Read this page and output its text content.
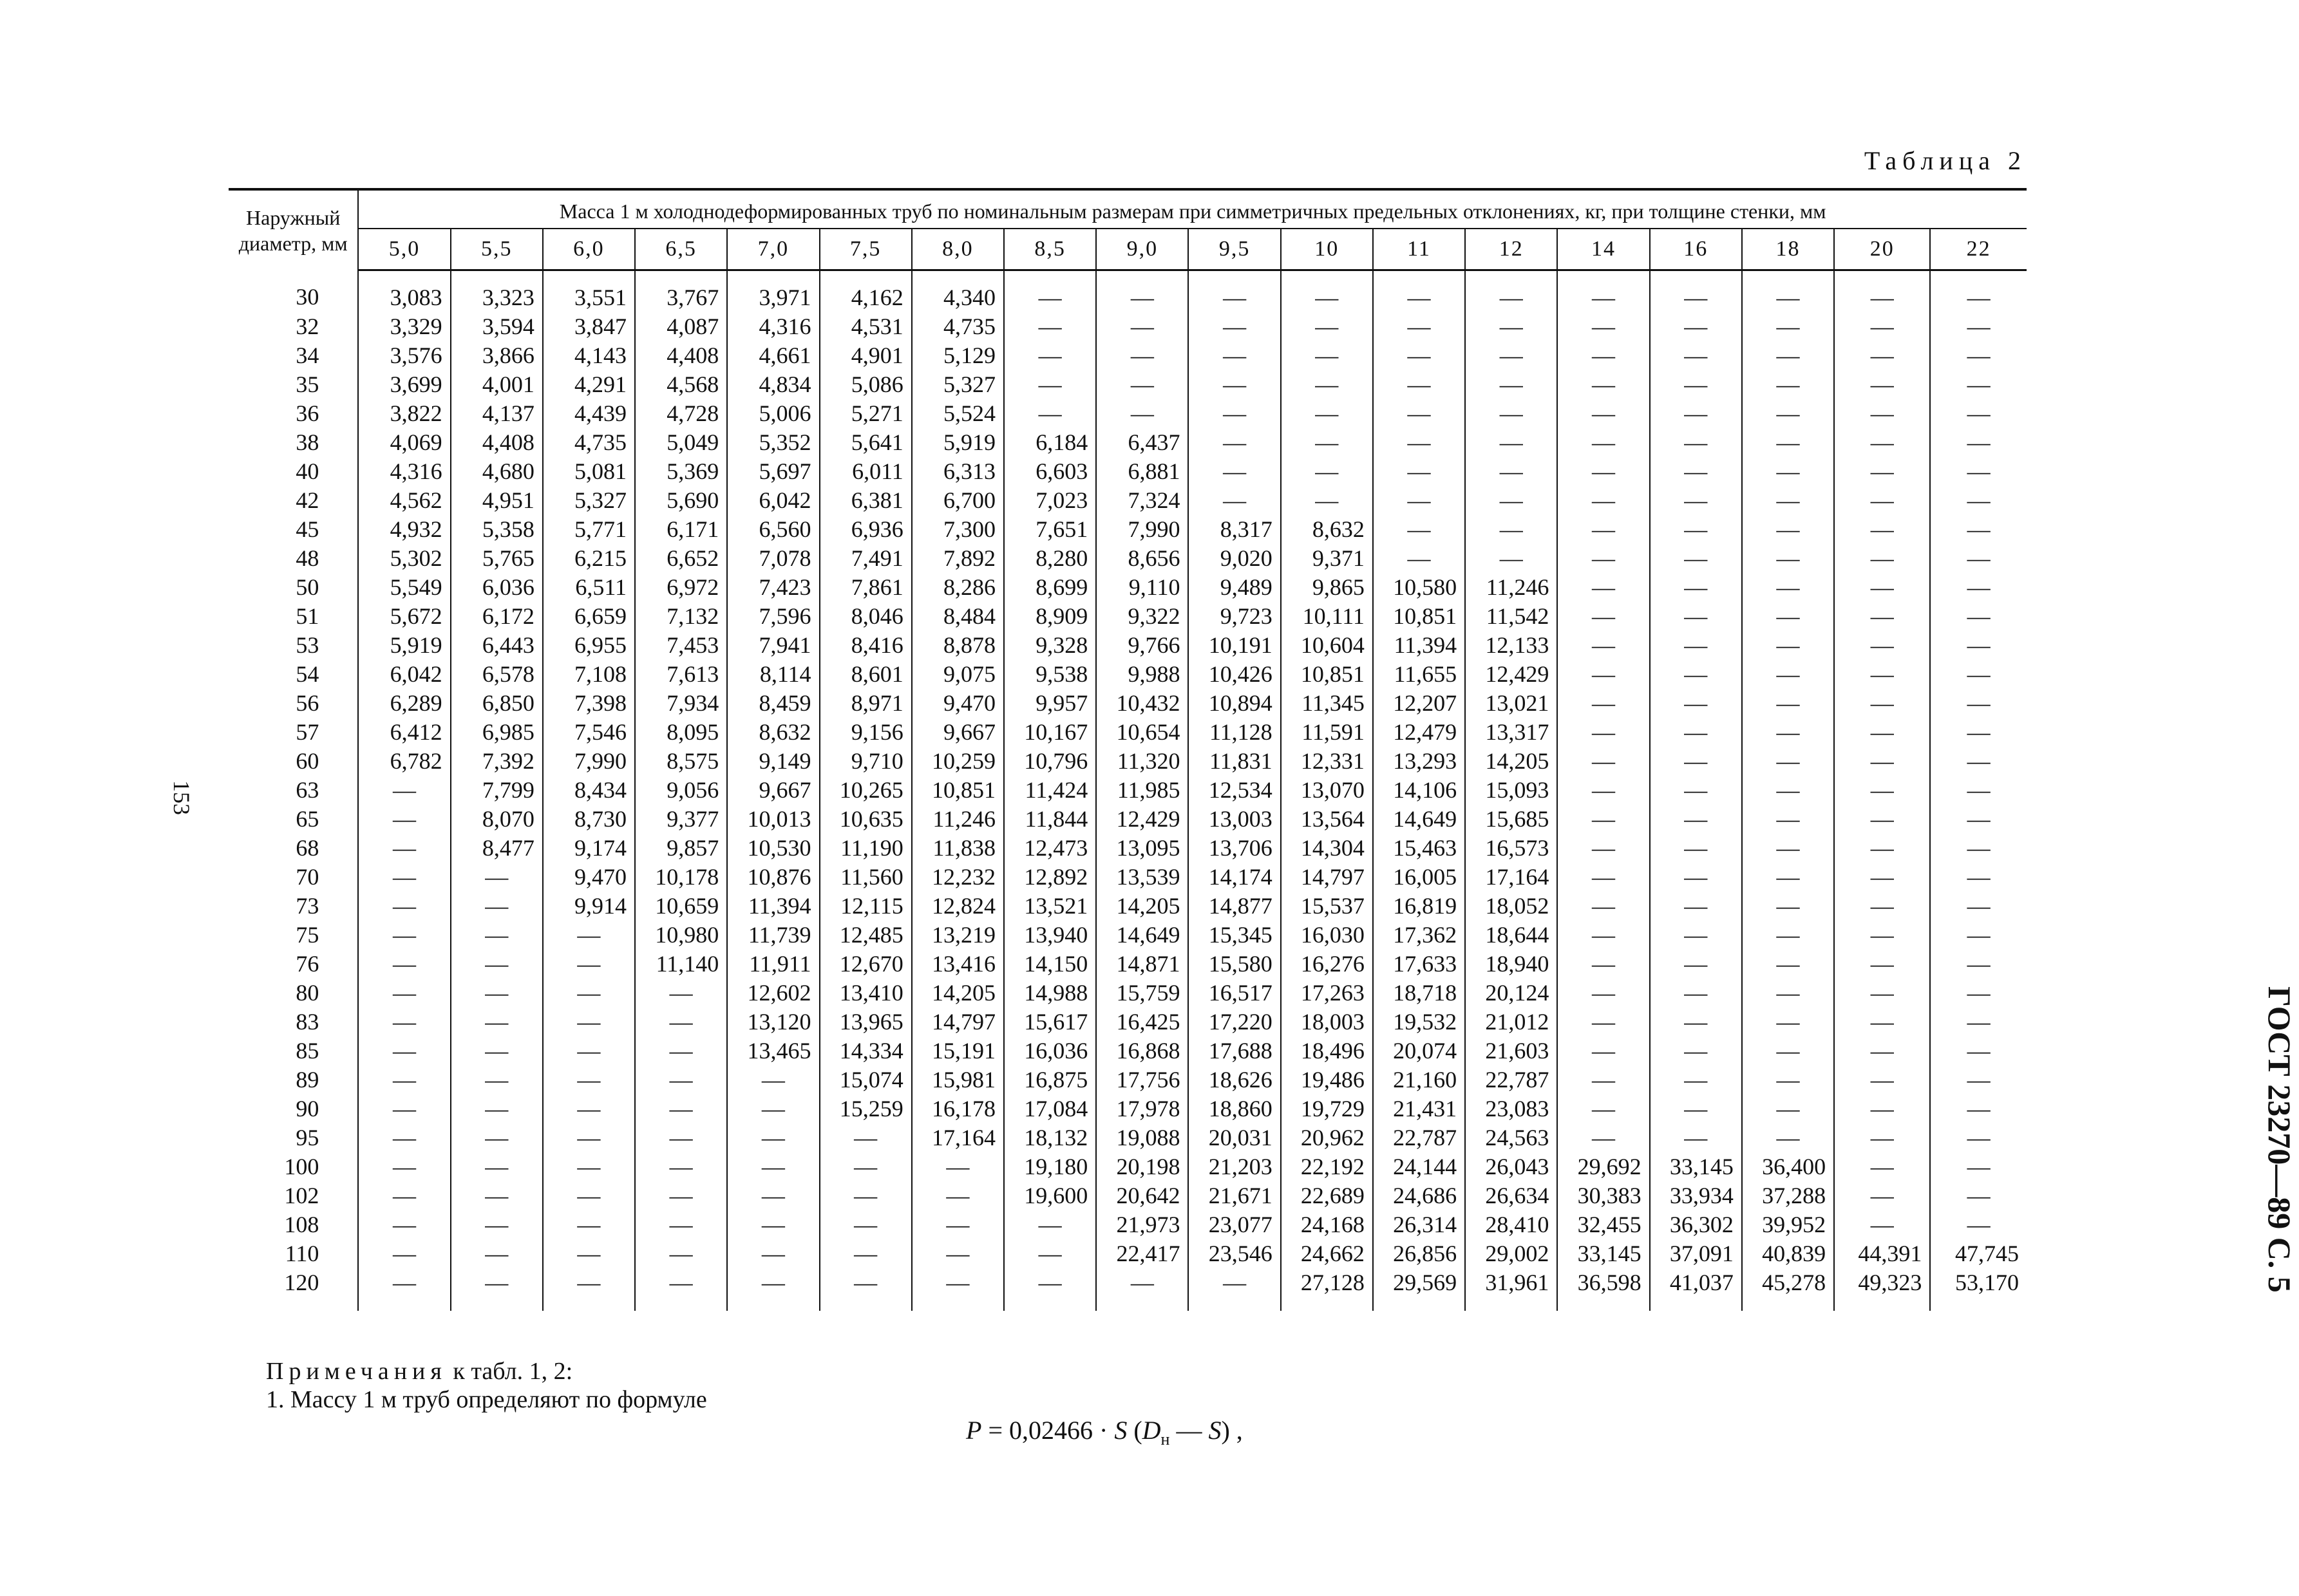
Таблица 2
153
ГОСТ 23270—89 С. 5
Наружный диаметр, мм	Масса 1 м холоднодеформированных труб по номинальным размерам при симметричных предельных отклонениях, кг, при толщине стенки, мм																	
	5,0	5,5	6,0	6,5	7,0	7,5	8,0	8,5	9,0	9,5	10	11	12	14	16	18	20	22
30	3,083	3,323	3,551	3,767	3,971	4,162	4,340	—	—	—	—	—	—	—	—	—	—	—
32	3,329	3,594	3,847	4,087	4,316	4,531	4,735	—	—	—	—	—	—	—	—	—	—	—
34	3,576	3,866	4,143	4,408	4,661	4,901	5,129	—	—	—	—	—	—	—	—	—	—	—
35	3,699	4,001	4,291	4,568	4,834	5,086	5,327	—	—	—	—	—	—	—	—	—	—	—
36	3,822	4,137	4,439	4,728	5,006	5,271	5,524	—	—	—	—	—	—	—	—	—	—	—
38	4,069	4,408	4,735	5,049	5,352	5,641	5,919	6,184	6,437	—	—	—	—	—	—	—	—	—
40	4,316	4,680	5,081	5,369	5,697	6,011	6,313	6,603	6,881	—	—	—	—	—	—	—	—	—
42	4,562	4,951	5,327	5,690	6,042	6,381	6,700	7,023	7,324	—	—	—	—	—	—	—	—	—
45	4,932	5,358	5,771	6,171	6,560	6,936	7,300	7,651	7,990	8,317	8,632	—	—	—	—	—	—	—
48	5,302	5,765	6,215	6,652	7,078	7,491	7,892	8,280	8,656	9,020	9,371	—	—	—	—	—	—	—
50	5,549	6,036	6,511	6,972	7,423	7,861	8,286	8,699	9,110	9,489	9,865	10,580	11,246	—	—	—	—	—
51	5,672	6,172	6,659	7,132	7,596	8,046	8,484	8,909	9,322	9,723	10,111	10,851	11,542	—	—	—	—	—
53	5,919	6,443	6,955	7,453	7,941	8,416	8,878	9,328	9,766	10,191	10,604	11,394	12,133	—	—	—	—	—
54	6,042	6,578	7,108	7,613	8,114	8,601	9,075	9,538	9,988	10,426	10,851	11,655	12,429	—	—	—	—	—
56	6,289	6,850	7,398	7,934	8,459	8,971	9,470	9,957	10,432	10,894	11,345	12,207	13,021	—	—	—	—	—
57	6,412	6,985	7,546	8,095	8,632	9,156	9,667	10,167	10,654	11,128	11,591	12,479	13,317	—	—	—	—	—
60	6,782	7,392	7,990	8,575	9,149	9,710	10,259	10,796	11,320	11,831	12,331	13,293	14,205	—	—	—	—	—
63	—	7,799	8,434	9,056	9,667	10,265	10,851	11,424	11,985	12,534	13,070	14,106	15,093	—	—	—	—	—
65	—	8,070	8,730	9,377	10,013	10,635	11,246	11,844	12,429	13,003	13,564	14,649	15,685	—	—	—	—	—
68	—	8,477	9,174	9,857	10,530	11,190	11,838	12,473	13,095	13,706	14,304	15,463	16,573	—	—	—	—	—
70	—	—	9,470	10,178	10,876	11,560	12,232	12,892	13,539	14,174	14,797	16,005	17,164	—	—	—	—	—
73	—	—	9,914	10,659	11,394	12,115	12,824	13,521	14,205	14,877	15,537	16,819	18,052	—	—	—	—	—
75	—	—	—	10,980	11,739	12,485	13,219	13,940	14,649	15,345	16,030	17,362	18,644	—	—	—	—	—
76	—	—	—	11,140	11,911	12,670	13,416	14,150	14,871	15,580	16,276	17,633	18,940	—	—	—	—	—
80	—	—	—	—	12,602	13,410	14,205	14,988	15,759	16,517	17,263	18,718	20,124	—	—	—	—	—
83	—	—	—	—	13,120	13,965	14,797	15,617	16,425	17,220	18,003	19,532	21,012	—	—	—	—	—
85	—	—	—	—	13,465	14,334	15,191	16,036	16,868	17,688	18,496	20,074	21,603	—	—	—	—	—
89	—	—	—	—	—	15,074	15,981	16,875	17,756	18,626	19,486	21,160	22,787	—	—	—	—	—
90	—	—	—	—	—	15,259	16,178	17,084	17,978	18,860	19,729	21,431	23,083	—	—	—	—	—
95	—	—	—	—	—	—	17,164	18,132	19,088	20,031	20,962	22,787	24,563	—	—	—	—	—
100	—	—	—	—	—	—	—	19,180	20,198	21,203	22,192	24,144	26,043	29,692	33,145	36,400	—	—
102	—	—	—	—	—	—	—	19,600	20,642	21,671	22,689	24,686	26,634	30,383	33,934	37,288	—	—
108	—	—	—	—	—	—	—	—	21,973	23,077	24,168	26,314	28,410	32,455	36,302	39,952	—	—
110	—	—	—	—	—	—	—	—	22,417	23,546	24,662	26,856	29,002	33,145	37,091	40,839	44,391	47,745
120	—	—	—	—	—	—	—	—	—	—	27,128	29,569	31,961	36,598	41,037	45,278	49,323	53,170
Примечания к табл. 1, 2:
1. Массу 1 м труб определяют по формуле
P = 0,02466 · S ($D_н$ — S) ,
